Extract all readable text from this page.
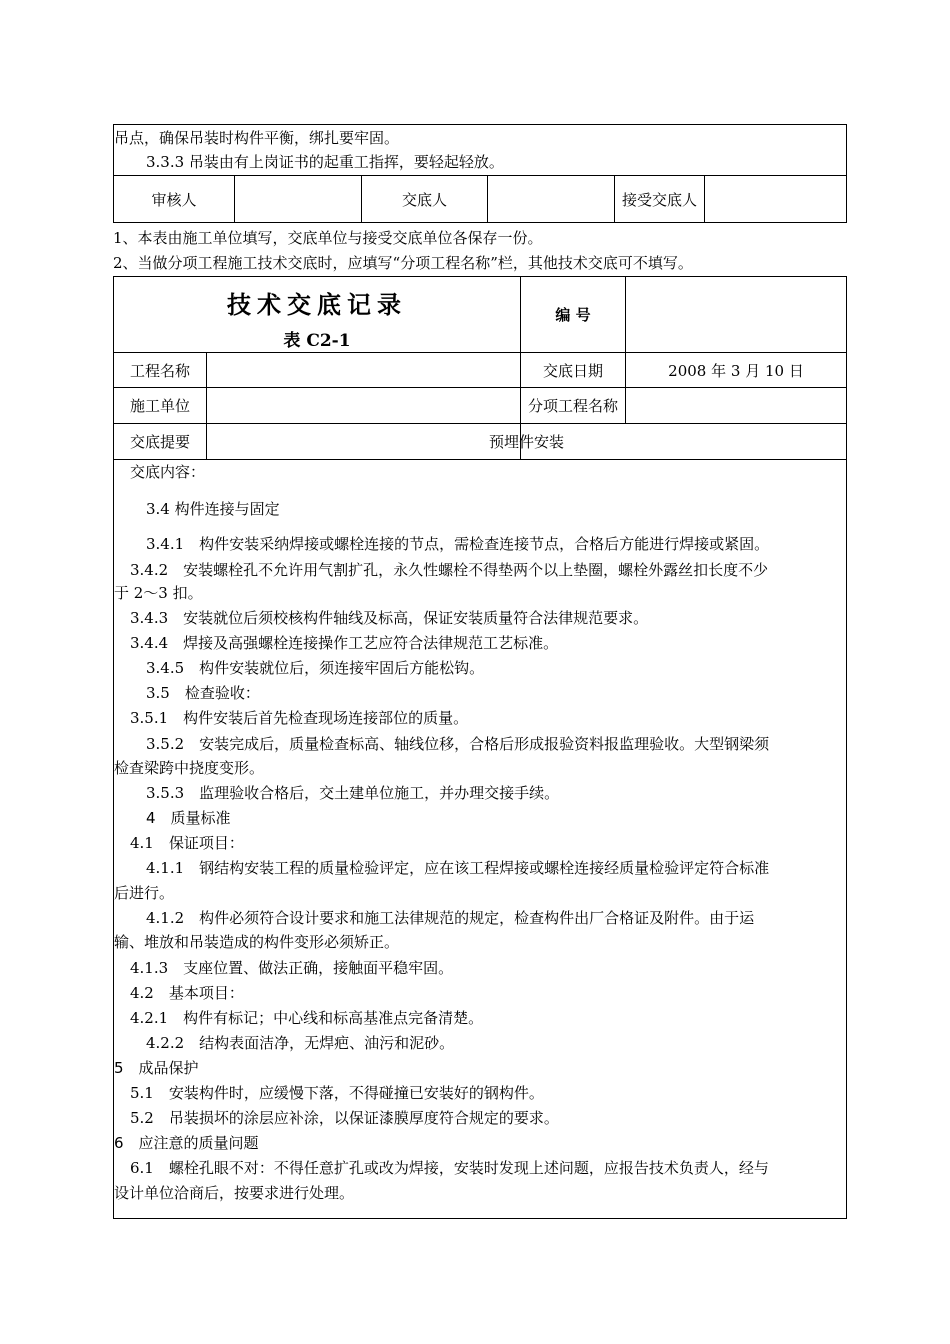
吊点，确保吊装时构件平衡，绑扎要牢固。
3.3.3 吊装由有上岗证书的起重工指挥，要轻起轻放。
审核人	交底人	接受交底人
1、本表由施工单位填写，交底单位与接受交底单位各保存一份。
2、当做分项工程施工技术交底时，应填写“分项工程名称”栏，其他技术交底可不填写。
技术交底记录
表 C2-1
编 号
工程名称	交底日期	2008 年 3 月 10 日
施工单位	分项工程名称
交底提要	预埋件安装
交底内容：
3.4 构件连接与固定
3.4.1　构件安装采纳焊接或螺栓连接的节点，需检查连接节点，合格后方能进行焊接或紧固。
3.4.2　安装螺栓孔不允许用气割扩孔，永久性螺栓不得垫两个以上垫圈，螺栓外露丝扣长度不少
于 2～3 扣。
3.4.3　安装就位后须校核构件轴线及标高，保证安装质量符合法律规范要求。
3.4.4　焊接及高强螺栓连接操作工艺应符合法律规范工艺标准。
3.4.5　构件安装就位后，须连接牢固后方能松钩。
3.5　检查验收：
3.5.1　构件安装后首先检查现场连接部位的质量。
3.5.2　安装完成后，质量检查标高、轴线位移，合格后形成报验资料报监理验收。大型钢梁须
检查梁跨中挠度变形。
3.5.3　监理验收合格后，交土建单位施工，并办理交接手续。
4　质量标准
4.1　保证项目：
4.1.1　钢结构安装工程的质量检验评定，应在该工程焊接或螺栓连接经质量检验评定符合标准
后进行。
4.1.2　构件必须符合设计要求和施工法律规范的规定，检查构件出厂合格证及附件。由于运
输、堆放和吊装造成的构件变形必须矫正。
4.1.3　支座位置、做法正确，接触面平稳牢固。
4.2　基本项目：
4.2.1　构件有标记；中心线和标高基准点完备清楚。
4.2.2　结构表面洁净，无焊疤、油污和泥砂。
5　成品保护
5.1　安装构件时，应缓慢下落，不得碰撞已安装好的钢构件。
5.2　吊装损坏的涂层应补涂，以保证漆膜厚度符合规定的要求。
6　应注意的质量问题
6.1　螺栓孔眼不对：不得任意扩孔或改为焊接，安装时发现上述问题，应报告技术负责人，经与
设计单位洽商后，按要求进行处理。
